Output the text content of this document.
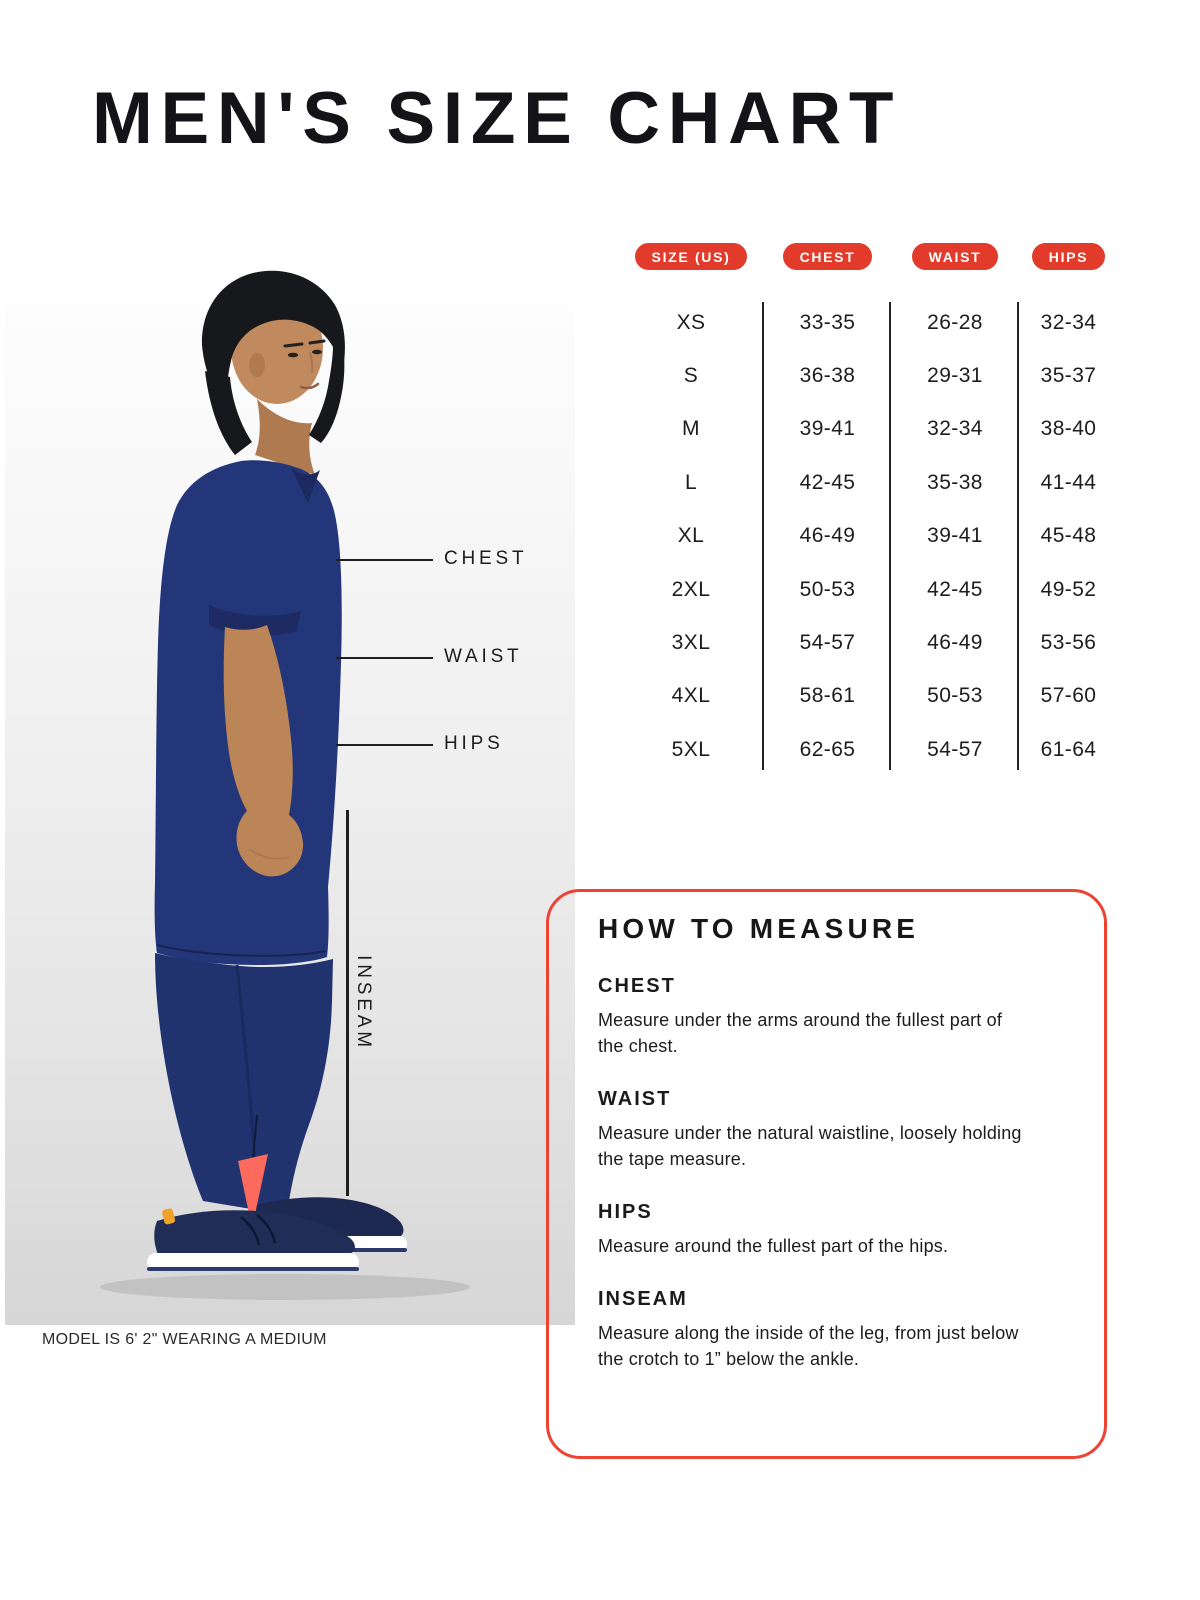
MEN'S SIZE CHART
CHEST
WAIST
HIPS
INSEAM
MODEL IS 6' 2" WEARING A MEDIUM
SIZE (US)	CHEST	WAIST	HIPS
XS	33-35	26-28	32-34
S	36-38	29-31	35-37
M	39-41	32-34	38-40
L	42-45	35-38	41-44
XL	46-49	39-41	45-48
2XL	50-53	42-45	49-52
3XL	54-57	46-49	53-56
4XL	58-61	50-53	57-60
5XL	62-65	54-57	61-64
HOW TO MEASURE
CHEST

Measure under the arms around the fullest part of the chest.

WAIST

Measure under the natural waistline, loosely holding the tape measure.

HIPS

Measure around the fullest part of the hips.

INSEAM

Measure along the inside of the leg, from just below the crotch to 1” below the ankle.
